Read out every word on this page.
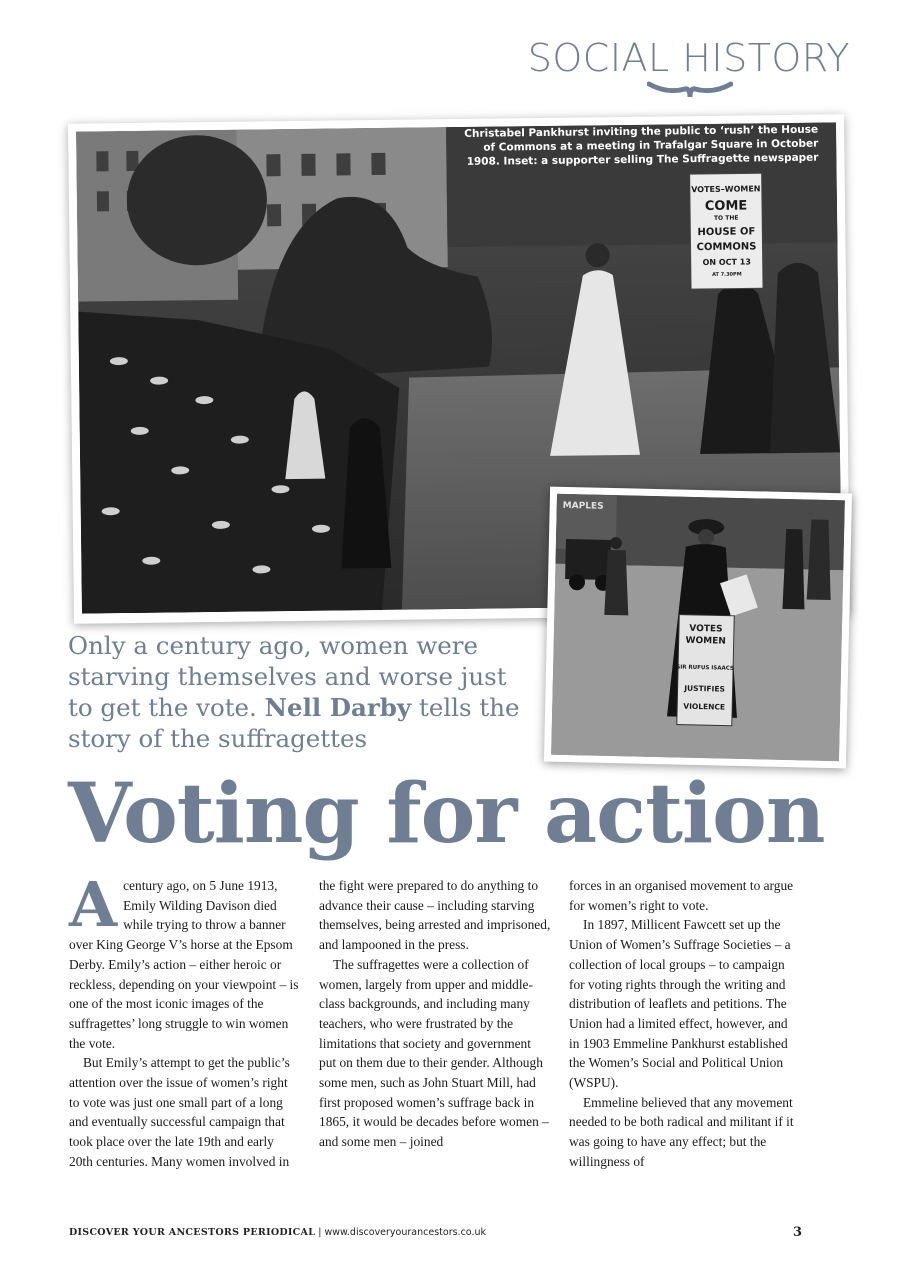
SOCIAL HISTORY
VOTES–WOMEN
COME
TO THE
HOUSE OF
COMMONS
ON OCT 13
AT 7.30PM
Christabel Pankhurst inviting the public to ‘rush’ the House of Commons at a meeting in Trafalgar Square in October 1908. Inset: a supporter selling The Suffragette newspaper
MAPLES
VOTES
WOMEN
SIR RUFUS ISAACS
JUSTIFIES
VIOLENCE
Only a century ago, women were starving themselves and worse just to get the vote. Nell Darby tells the story of the suffragettes
Voting for action

Acentury ago, on 5 June 1913, Emily Wilding Davison died while trying to throw a banner over King George V’s horse at the Epsom Derby. Emily’s action – either heroic or reckless, depending on your viewpoint – is one of the most iconic images of the suffragettes’ long struggle to win women the vote.

But Emily’s attempt to get the public’s attention over the issue of women’s right to vote was just one small part of a long and eventually successful campaign that took place over the late 19th and early 20th centuries. Many women involved in

the fight were prepared to do anything to advance their cause – including starving themselves, being arrested and imprisoned, and lampooned in the press.

The suffragettes were a collection of women, largely from upper and middle-class backgrounds, and including many teachers, who were frustrated by the limitations that society and government put on them due to their gender. Although some men, such as John Stuart Mill, had first proposed women’s suffrage back in 1865, it would be decades before women – and some men – joined

forces in an organised movement to argue for women’s right to vote.

In 1897, Millicent Fawcett set up the Union of Women’s Suffrage Societies – a collection of local groups – to campaign for voting rights through the writing and distribution of leaflets and petitions. The Union had a limited effect, however, and in 1903 Emmeline Pankhurst established the Women’s Social and Political Union (WSPU).

Emmeline believed that any movement needed to be both radical and militant if it was going to have any effect; but the willingness of

DISCOVER YOUR ANCESTORS PERIODICAL | www.discoveryourancestors.co.uk	3
